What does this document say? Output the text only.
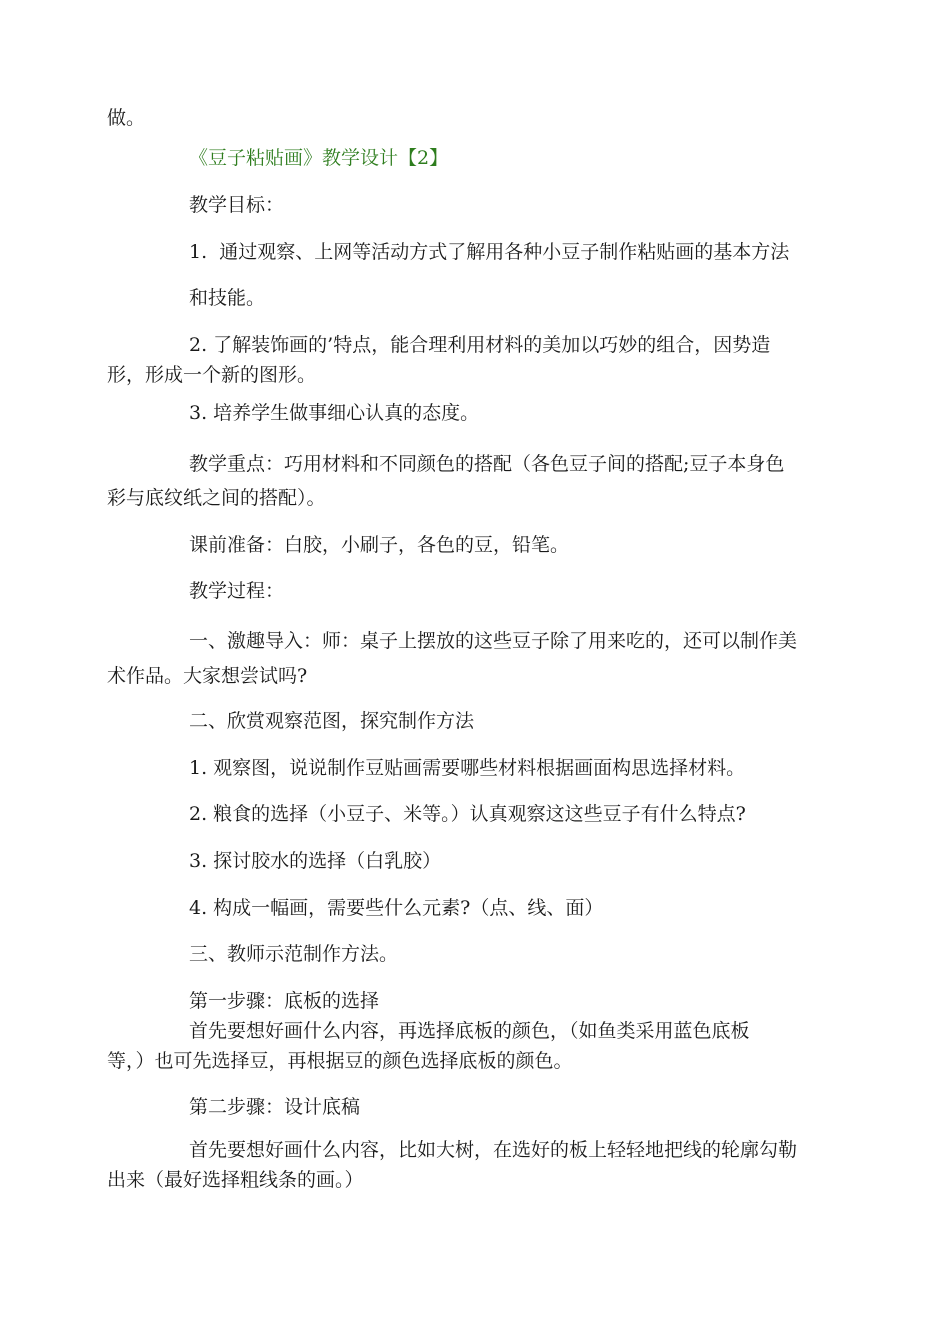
做。
《豆子粘贴画》教学设计【2】
教学目标：
1.  通过观察、上网等活动方式了解用各种小豆子制作粘贴画的基本方法
和技能。
2. 了解装饰画的’特点，能合理利用材料的美加以巧妙的组合，因势造
形，形成一个新的图形。
3. 培养学生做事细心认真的态度。
教学重点：巧用材料和不同颜色的搭配（各色豆子间的搭配;豆子本身色
彩与底纹纸之间的搭配）。
课前准备：白胶，小刷子，各色的豆，铅笔。
教学过程：
一、激趣导入：师：桌子上摆放的这些豆子除了用来吃的，还可以制作美
术作品。大家想尝试吗?
二、欣赏观察范图，探究制作方法
1. 观察图，说说制作豆贴画需要哪些材料根据画面构思选择材料。
2. 粮食的选择（小豆子、米等。）认真观察这这些豆子有什么特点?
3. 探讨胶水的选择（白乳胶）
4. 构成一幅画，需要些什么元素?（点、线、面）
三、教师示范制作方法。
第一步骤：底板的选择
首先要想好画什么内容，再选择底板的颜色，（如鱼类采用蓝色底板
等，）也可先选择豆，再根据豆的颜色选择底板的颜色。
第二步骤：设计底稿
首先要想好画什么内容，比如大树，在选好的板上轻轻地把线的轮廓勾勒
出来（最好选择粗线条的画。）
